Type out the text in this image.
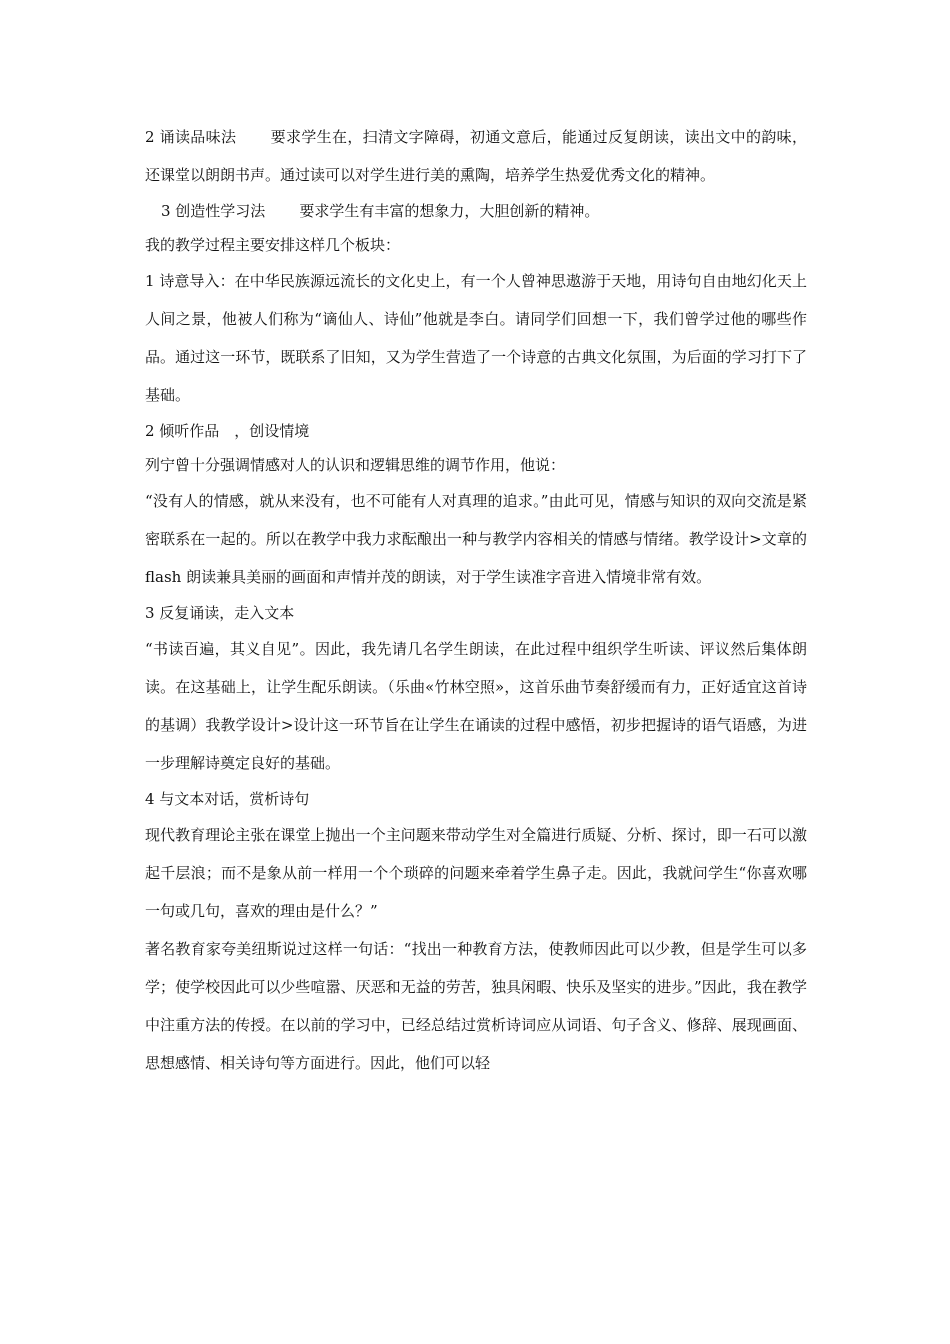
2 诵读品味法 要求学生在，扫清文字障碍，初通文意后，能通过反复朗读，读出文中的韵味，还课堂以朗朗书声。通过读可以对学生进行美的熏陶，培养学生热爱优秀文化的精神。

3 创造性学习法 要求学生有丰富的想象力，大胆创新的精神。

我的教学过程主要安排这样几个板块：

1 诗意导入：在中华民族源远流长的文化史上，有一个人曾神思遨游于天地，用诗句自由地幻化天上人间之景，他被人们称为“谪仙人、诗仙”他就是李白。请同学们回想一下，我们曾学过他的哪些作品。通过这一环节，既联系了旧知，又为学生营造了一个诗意的古典文化氛围，为后面的学习打下了基础。

2 倾听作品　，创设情境

列宁曾十分强调情感对人的认识和逻辑思维的调节作用，他说：

“没有人的情感，就从来没有，也不可能有人对真理的追求。”由此可见，情感与知识的双向交流是紧密联系在一起的。所以在教学中我力求酝酿出一种与教学内容相关的情感与情绪。教学设计>文章的 flash 朗读兼具美丽的画面和声情并茂的朗读，对于学生读准字音进入情境非常有效。

3 反复诵读，走入文本

“书读百遍，其义自见”。因此，我先请几名学生朗读，在此过程中组织学生听读、评议然后集体朗读。在这基础上，让学生配乐朗读。（乐曲«竹林空照»，这首乐曲节奏舒缓而有力，正好适宜这首诗的基调）我教学设计>设计这一环节旨在让学生在诵读的过程中感悟，初步把握诗的语气语感，为进一步理解诗奠定良好的基础。

4 与文本对话，赏析诗句

现代教育理论主张在课堂上抛出一个主问题来带动学生对全篇进行质疑、分析、探讨，即一石可以激起千层浪；而不是象从前一样用一个个琐碎的问题来牵着学生鼻子走。因此，我就问学生“你喜欢哪一句或几句，喜欢的理由是什么？”

著名教育家夸美纽斯说过这样一句话：“找出一种教育方法，使教师因此可以少教，但是学生可以多学；使学校因此可以少些喧嚣、厌恶和无益的劳苦，独具闲暇、快乐及坚实的进步。”因此，我在教学中注重方法的传授。在以前的学习中，已经总结过赏析诗词应从词语、句子含义、修辞、展现画面、思想感情、相关诗句等方面进行。因此，他们可以轻
